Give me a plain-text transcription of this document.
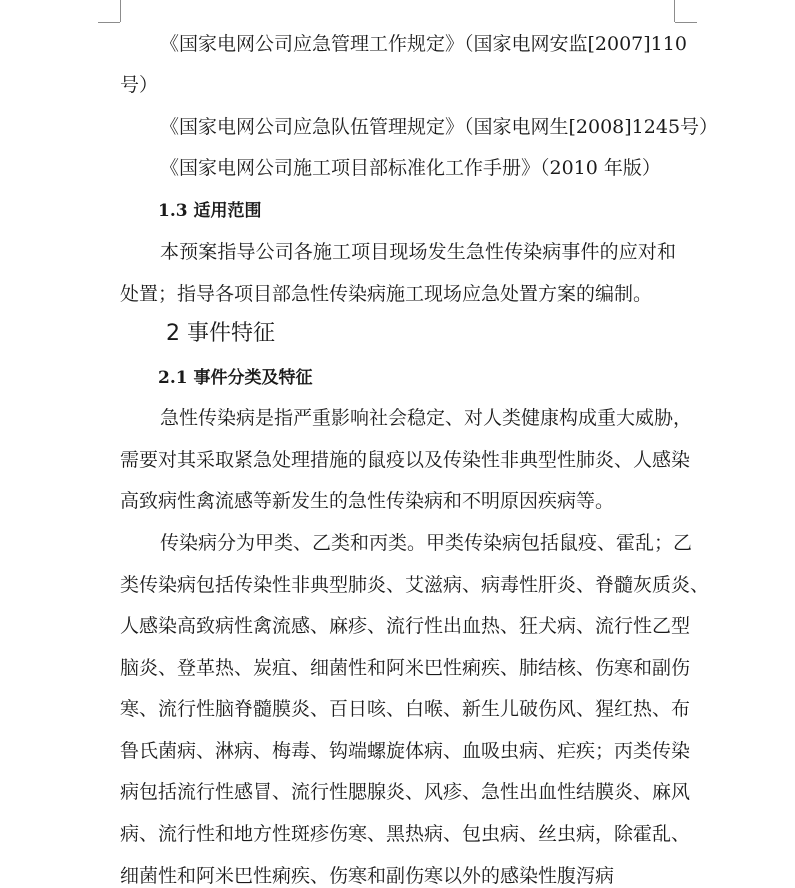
《国家电网公司应急管理工作规定》（国家电网安监[2007]110
号）
《国家电网公司应急队伍管理规定》（国家电网生[2008]1245号）
《国家电网公司施工项目部标准化工作手册》（2010 年版）
1.3 适用范围
本预案指导公司各施工项目现场发生急性传染病事件的应对和
处置；指导各项目部急性传染病施工现场应急处置方案的编制。
2 事件特征
2.1 事件分类及特征
急性传染病是指严重影响社会稳定、对人类健康构成重大威胁，
需要对其采取紧急处理措施的鼠疫以及传染性非典型性肺炎、人感染
高致病性禽流感等新发生的急性传染病和不明原因疾病等。
传染病分为甲类、乙类和丙类。甲类传染病包括鼠疫、霍乱；乙
类传染病包括传染性非典型肺炎、艾滋病、病毒性肝炎、脊髓灰质炎、
人感染高致病性禽流感、麻疹、流行性出血热、狂犬病、流行性乙型
脑炎、登革热、炭疽、细菌性和阿米巴性痢疾、肺结核、伤寒和副伤
寒、流行性脑脊髓膜炎、百日咳、白喉、新生儿破伤风、猩红热、布
鲁氏菌病、淋病、梅毒、钩端螺旋体病、血吸虫病、疟疾；丙类传染
病包括流行性感冒、流行性腮腺炎、风疹、急性出血性结膜炎、麻风
病、流行性和地方性斑疹伤寒、黑热病、包虫病、丝虫病，除霍乱、
细菌性和阿米巴性痢疾、伤寒和副伤寒以外的感染性腹泻病
